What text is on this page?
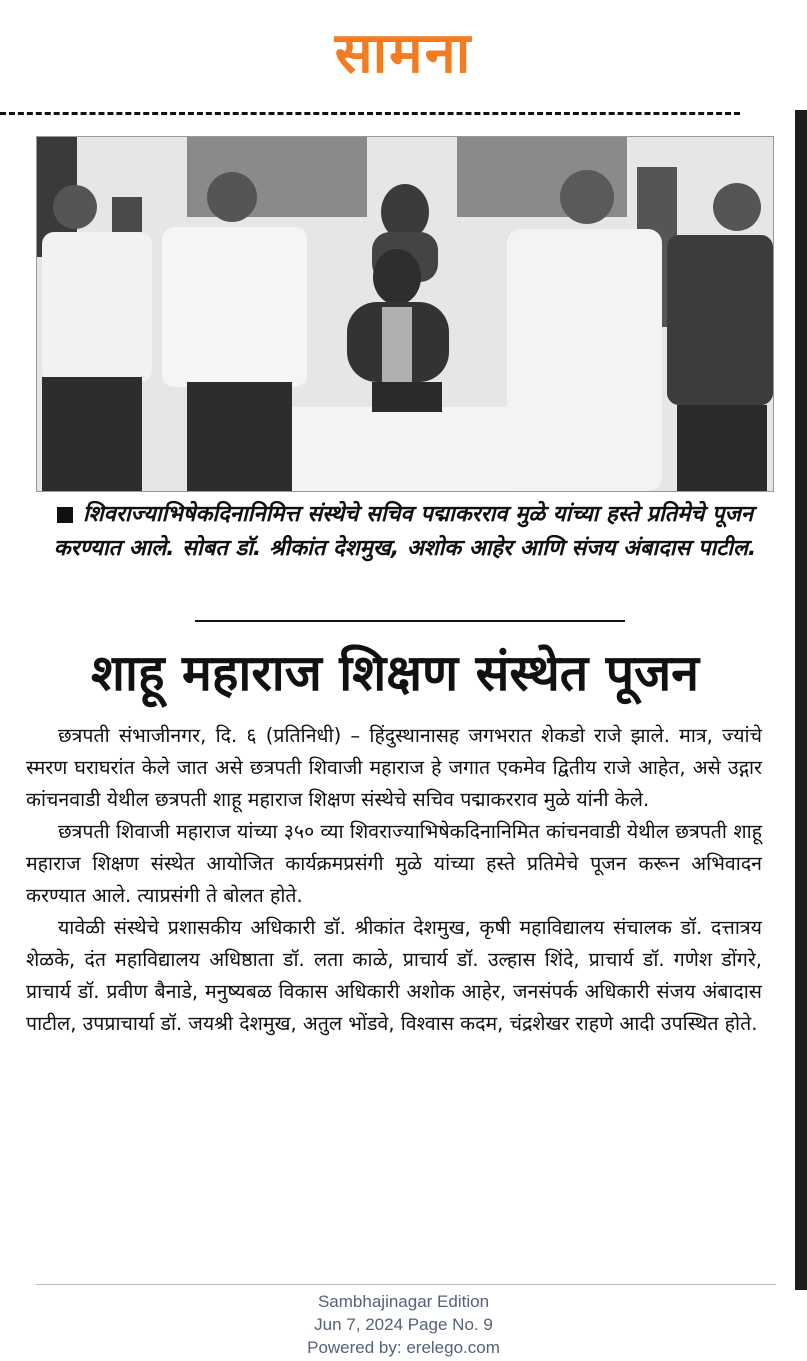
सामना
शिवराज्याभिषेकदिनानिमित्त संस्थेचे सचिव पद्माकरराव मुळे यांच्या हस्ते प्रतिमेचे पूजन करण्यात आले. सोबत डॉ. श्रीकांत देशमुख, अशोक आहेर आणि संजय अंबादास पाटील.
शाहू महाराज शिक्षण संस्थेत पूजन

छत्रपती संभाजीनगर, दि. ६ (प्रतिनिधी) – हिंदुस्थानासह जगभरात शेकडो राजे झाले. मात्र, ज्यांचे स्मरण घराघरांत केले जात असे छत्रपती शिवाजी महाराज हे जगात एकमेव द्वितीय राजे आहेत, असे उद्गार कांचनवाडी येथील छत्रपती शाहू महाराज शिक्षण संस्थेचे सचिव पद्माकरराव मुळे यांनी केले.

छत्रपती शिवाजी महाराज यांच्या ३५० व्या शिवराज्याभिषेकदिनानिमित कांचनवाडी येथील छत्रपती शाहू महाराज शिक्षण संस्थेत आयोजित कार्यक्रमप्रसंगी मुळे यांच्या हस्ते प्रतिमेचे पूजन करून अभिवादन करण्यात आले. त्याप्रसंगी ते बोलत होते.

यावेळी संस्थेचे प्रशासकीय अधिकारी डॉ. श्रीकांत देशमुख, कृषी महाविद्यालय संचालक डॉ. दत्तात्रय शेळके, दंत महाविद्यालय अधिष्ठाता डॉ. लता काळे, प्राचार्य डॉ. उल्हास शिंदे, प्राचार्य डॉ. गणेश डोंगरे, प्राचार्य डॉ. प्रवीण बैनाडे, मनुष्यबळ विकास अधिकारी अशोक आहेर, जनसंपर्क अधिकारी संजय अंबादास पाटील, उपप्राचार्या डॉ. जयश्री देशमुख, अतुल भोंडवे, विश्वास कदम, चंद्रशेखर राहणे आदी उपस्थित होते.

Sambhajinagar Edition
Jun 7, 2024 Page No. 9
Powered by: erelego.com
